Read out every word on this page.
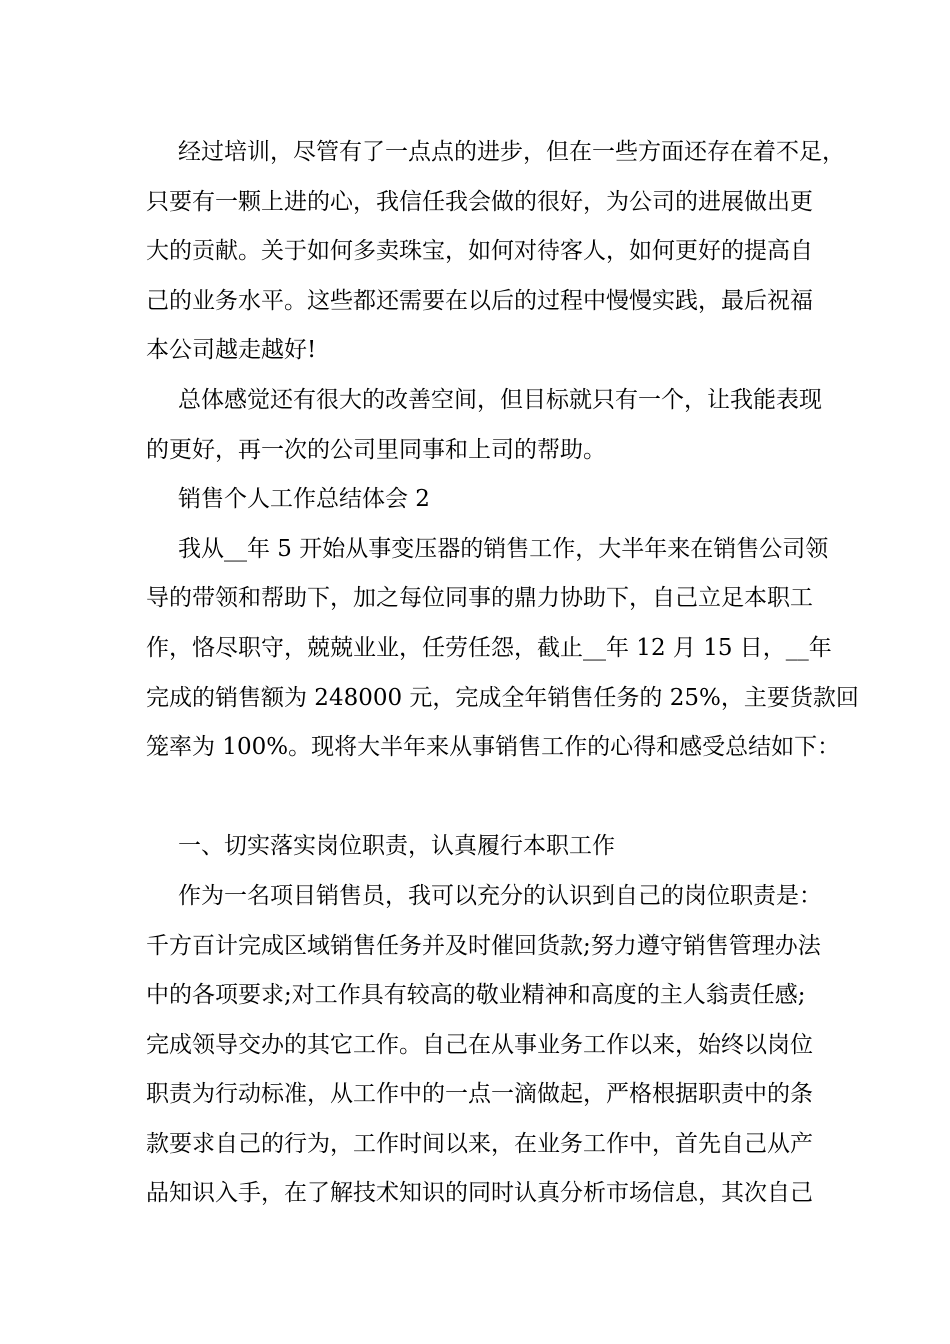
经过培训，尽管有了一点点的进步，但在一些方面还存在着不足，
只要有一颗上进的心，我信任我会做的很好，为公司的进展做出更
大的贡献。关于如何多卖珠宝，如何对待客人，如何更好的提高自
己的业务水平。这些都还需要在以后的过程中慢慢实践，最后祝福
本公司越走越好!
总体感觉还有很大的改善空间，但目标就只有一个，让我能表现
的更好，再一次的公司里同事和上司的帮助。
销售个人工作总结体会 2
我从__年 5 开始从事变压器的销售工作，大半年来在销售公司领
导的带领和帮助下，加之每位同事的鼎力协助下，自己立足本职工
作，恪尽职守，兢兢业业，任劳任怨，截止__年 12 月 15 日，__年
完成的销售额为 248000 元，完成全年销售任务的 25%，主要货款回
笼率为 100%。现将大半年来从事销售工作的心得和感受总结如下：
一、切实落实岗位职责，认真履行本职工作
作为一名项目销售员，我可以充分的认识到自己的岗位职责是：
千方百计完成区域销售任务并及时催回货款;努力遵守销售管理办法
中的各项要求;对工作具有较高的敬业精神和高度的主人翁责任感;
完成领导交办的其它工作。自己在从事业务工作以来，始终以岗位
职责为行动标准，从工作中的一点一滴做起，严格根据职责中的条
款要求自己的行为，工作时间以来，在业务工作中，首先自己从产
品知识入手，在了解技术知识的同时认真分析市场信息，其次自己
